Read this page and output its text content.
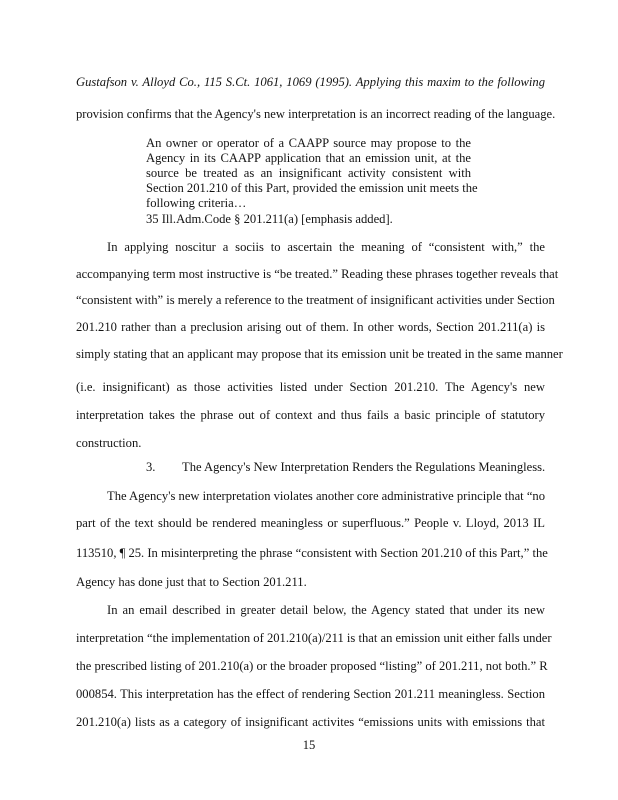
Gustafson v. Alloyd Co., 115 S.Ct. 1061, 1069 (1995). Applying this maxim to the following
provision confirms that the Agency's new interpretation is an incorrect reading of the language.
An owner or operator of a CAAPP source may propose to the
Agency in its CAAPP application that an emission unit, at the
source be treated as an insignificant activity consistent with
Section 201.210 of this Part, provided the emission unit meets the
following criteria…
35 Ill.Adm.Code § 201.211(a) [emphasis added].
In applying noscitur a sociis to ascertain the meaning of “consistent with,” the
accompanying term most instructive is “be treated.” Reading these phrases together reveals that
“consistent with” is merely a reference to the treatment of insignificant activities under Section
201.210 rather than a preclusion arising out of them. In other words, Section 201.211(a) is
simply stating that an applicant may propose that its emission unit be treated in the same manner
(i.e. insignificant) as those activities listed under Section 201.210. The Agency's new
interpretation takes the phrase out of context and thus fails a basic principle of statutory
construction.
3. The Agency's New Interpretation Renders the Regulations Meaningless.
The Agency's new interpretation violates another core administrative principle that “no
part of the text should be rendered meaningless or superfluous.” People v. Lloyd, 2013 IL
113510, ¶ 25. In misinterpreting the phrase “consistent with Section 201.210 of this Part,” the
Agency has done just that to Section 201.211.
In an email described in greater detail below, the Agency stated that under its new
interpretation “the implementation of 201.210(a)/211 is that an emission unit either falls under
the prescribed listing of 201.210(a) or the broader proposed “listing” of 201.211, not both.” R
000854. This interpretation has the effect of rendering Section 201.211 meaningless. Section
201.210(a) lists as a category of insignificant activites “emissions units with emissions that
15
